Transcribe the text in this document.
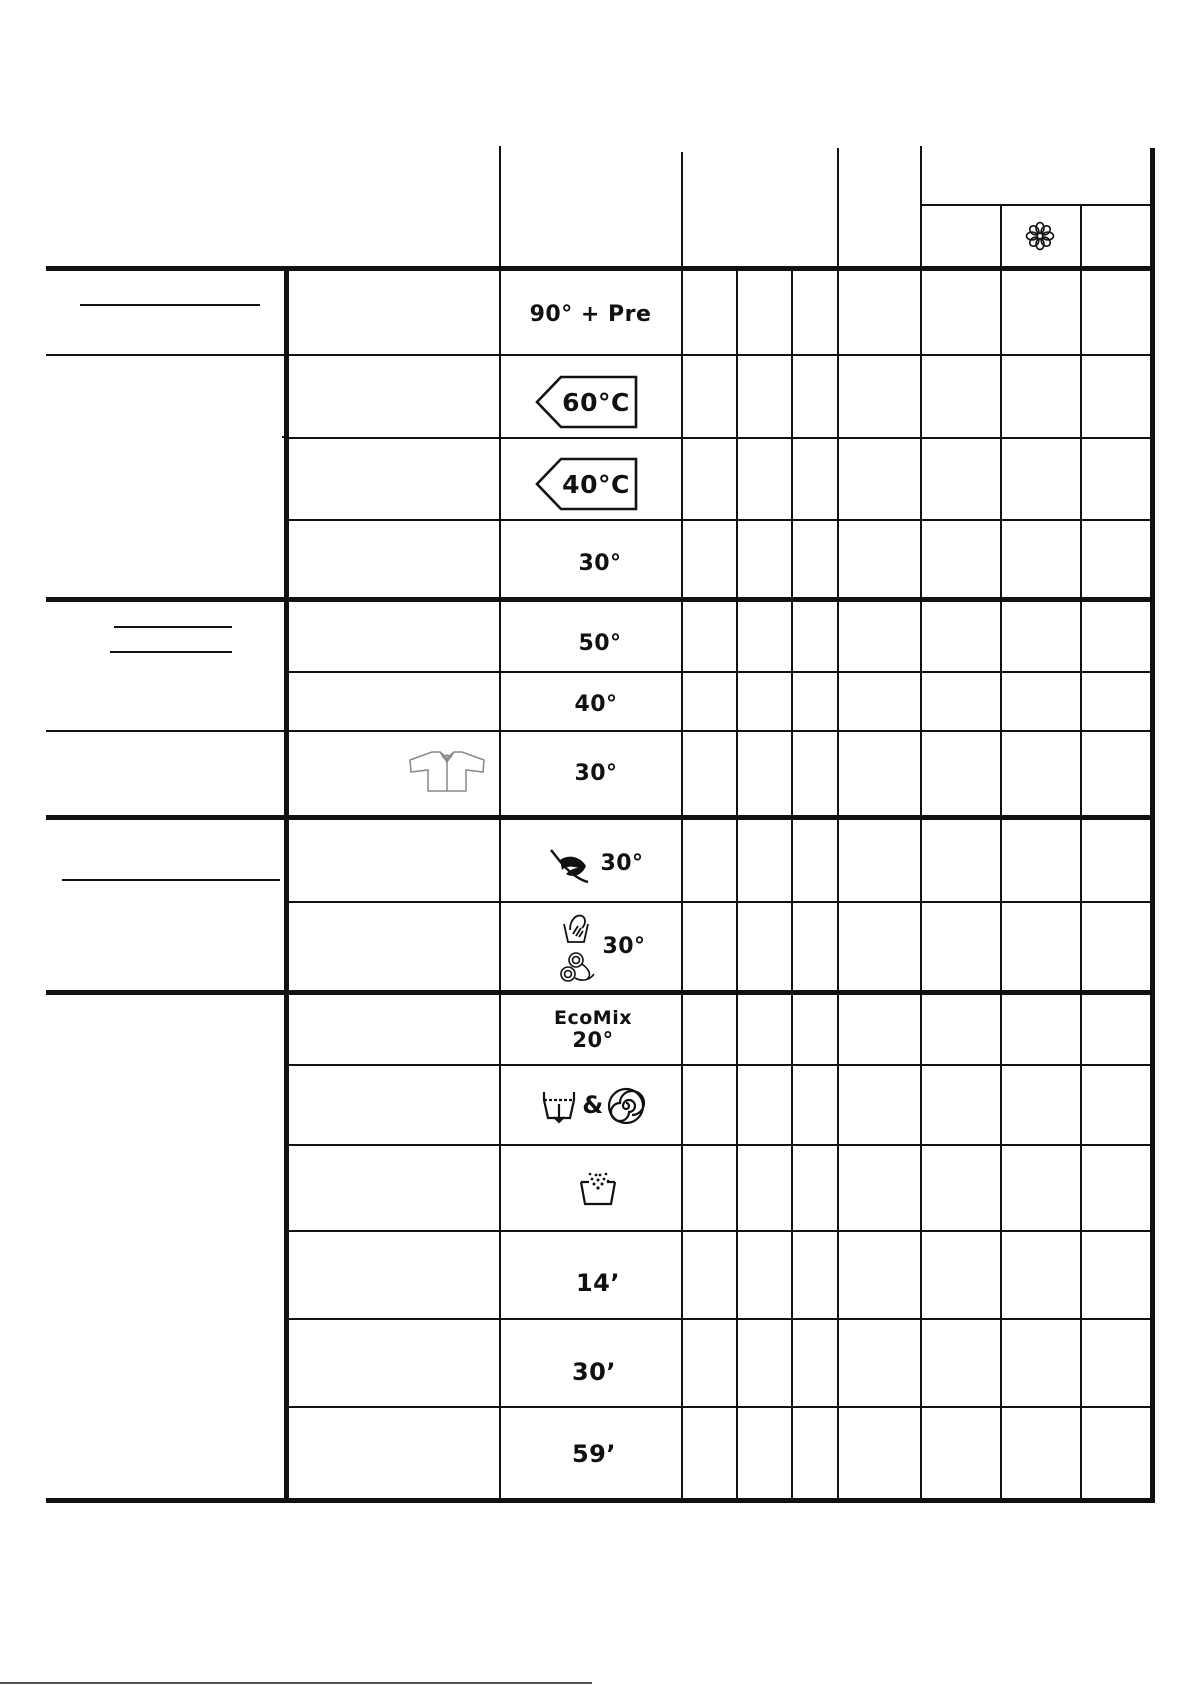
90° + Pre
60°C
40°C
30°
50°
40°
30°
30°
30°
EcoMix
20°
&
14’
30’
59’
